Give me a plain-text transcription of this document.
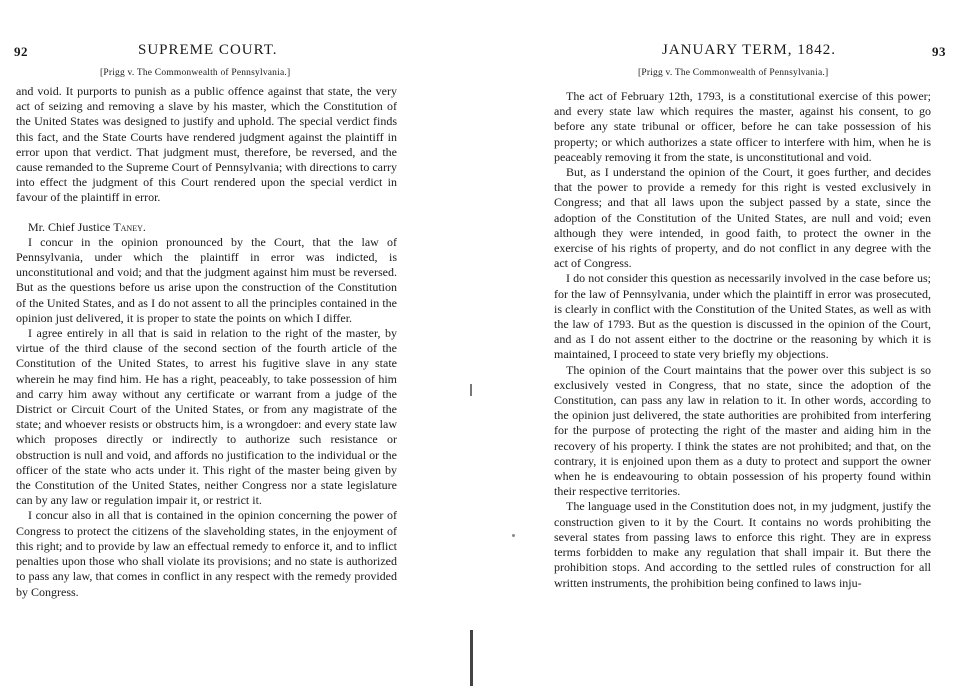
92	SUPREME COURT.
[Prigg v. The Commonwealth of Pennsylvania.]

and void. It purports to punish as a public offence against that state, the very act of seizing and removing a slave by his master, which the Constitution of the United States was designed to justify and uphold. The special verdict finds this fact, and the State Courts have rendered judgment against the plaintiff in error upon that verdict. That judgment must, therefore, be reversed, and the cause remanded to the Supreme Court of Pennsylvania; with directions to carry into effect the judgment of this Court rendered upon the special verdict in favour of the plaintiff in error.

Mr. Chief Justice Taney.

I concur in the opinion pronounced by the Court, that the law of Pennsylvania, under which the plaintiff in error was indicted, is unconstitutional and void; and that the judgment against him must be reversed. But as the questions before us arise upon the construction of the Constitution of the United States, and as I do not assent to all the principles contained in the opinion just delivered, it is proper to state the points on which I differ.

I agree entirely in all that is said in relation to the right of the master, by virtue of the third clause of the second section of the fourth article of the Constitution of the United States, to arrest his fugitive slave in any state wherein he may find him. He has a right, peaceably, to take possession of him and carry him away without any certificate or warrant from a judge of the District or Circuit Court of the United States, or from any magistrate of the state; and whoever resists or obstructs him, is a wrongdoer: and every state law which proposes directly or indirectly to authorize such resistance or obstruction is null and void, and affords no justification to the individual or the officer of the state who acts under it. This right of the master being given by the Constitution of the United States, neither Congress nor a state legislature can by any law or regulation impair it, or restrict it.

I concur also in all that is contained in the opinion concerning the power of Congress to protect the citizens of the slaveholding states, in the enjoyment of this right; and to provide by law an effectual remedy to enforce it, and to inflict penalties upon those who shall violate its provisions; and no state is authorized to pass any law, that comes in conflict in any respect with the remedy provided by Congress.

JANUARY TERM, 1842.	93
[Prigg v. The Commonwealth of Pennsylvania.]

The act of February 12th, 1793, is a constitutional exercise of this power; and every state law which requires the master, against his consent, to go before any state tribunal or officer, before he can take possession of his property; or which authorizes a state officer to interfere with him, when he is peaceably removing it from the state, is unconstitutional and void.

But, as I understand the opinion of the Court, it goes further, and decides that the power to provide a remedy for this right is vested exclusively in Congress; and that all laws upon the subject passed by a state, since the adoption of the Constitution of the United States, are null and void; even although they were intended, in good faith, to protect the owner in the exercise of his rights of property, and do not conflict in any degree with the act of Congress.

I do not consider this question as necessarily involved in the case before us; for the law of Pennsylvania, under which the plaintiff in error was prosecuted, is clearly in conflict with the Constitution of the United States, as well as with the law of 1793. But as the question is discussed in the opinion of the Court, and as I do not assent either to the doctrine or the reasoning by which it is maintained, I proceed to state very briefly my objections.

The opinion of the Court maintains that the power over this subject is so exclusively vested in Congress, that no state, since the adoption of the Constitution, can pass any law in relation to it. In other words, according to the opinion just delivered, the state authorities are prohibited from interfering for the purpose of protecting the right of the master and aiding him in the recovery of his property. I think the states are not prohibited; and that, on the contrary, it is enjoined upon them as a duty to protect and support the owner when he is endeavouring to obtain possession of his property found within their respective territories.

The language used in the Constitution does not, in my judgment, justify the construction given to it by the Court. It contains no words prohibiting the several states from passing laws to enforce this right. They are in express terms forbidden to make any regulation that shall impair it. But there the prohibition stops. And according to the settled rules of construction for all written instruments, the prohibition being confined to laws inju-
